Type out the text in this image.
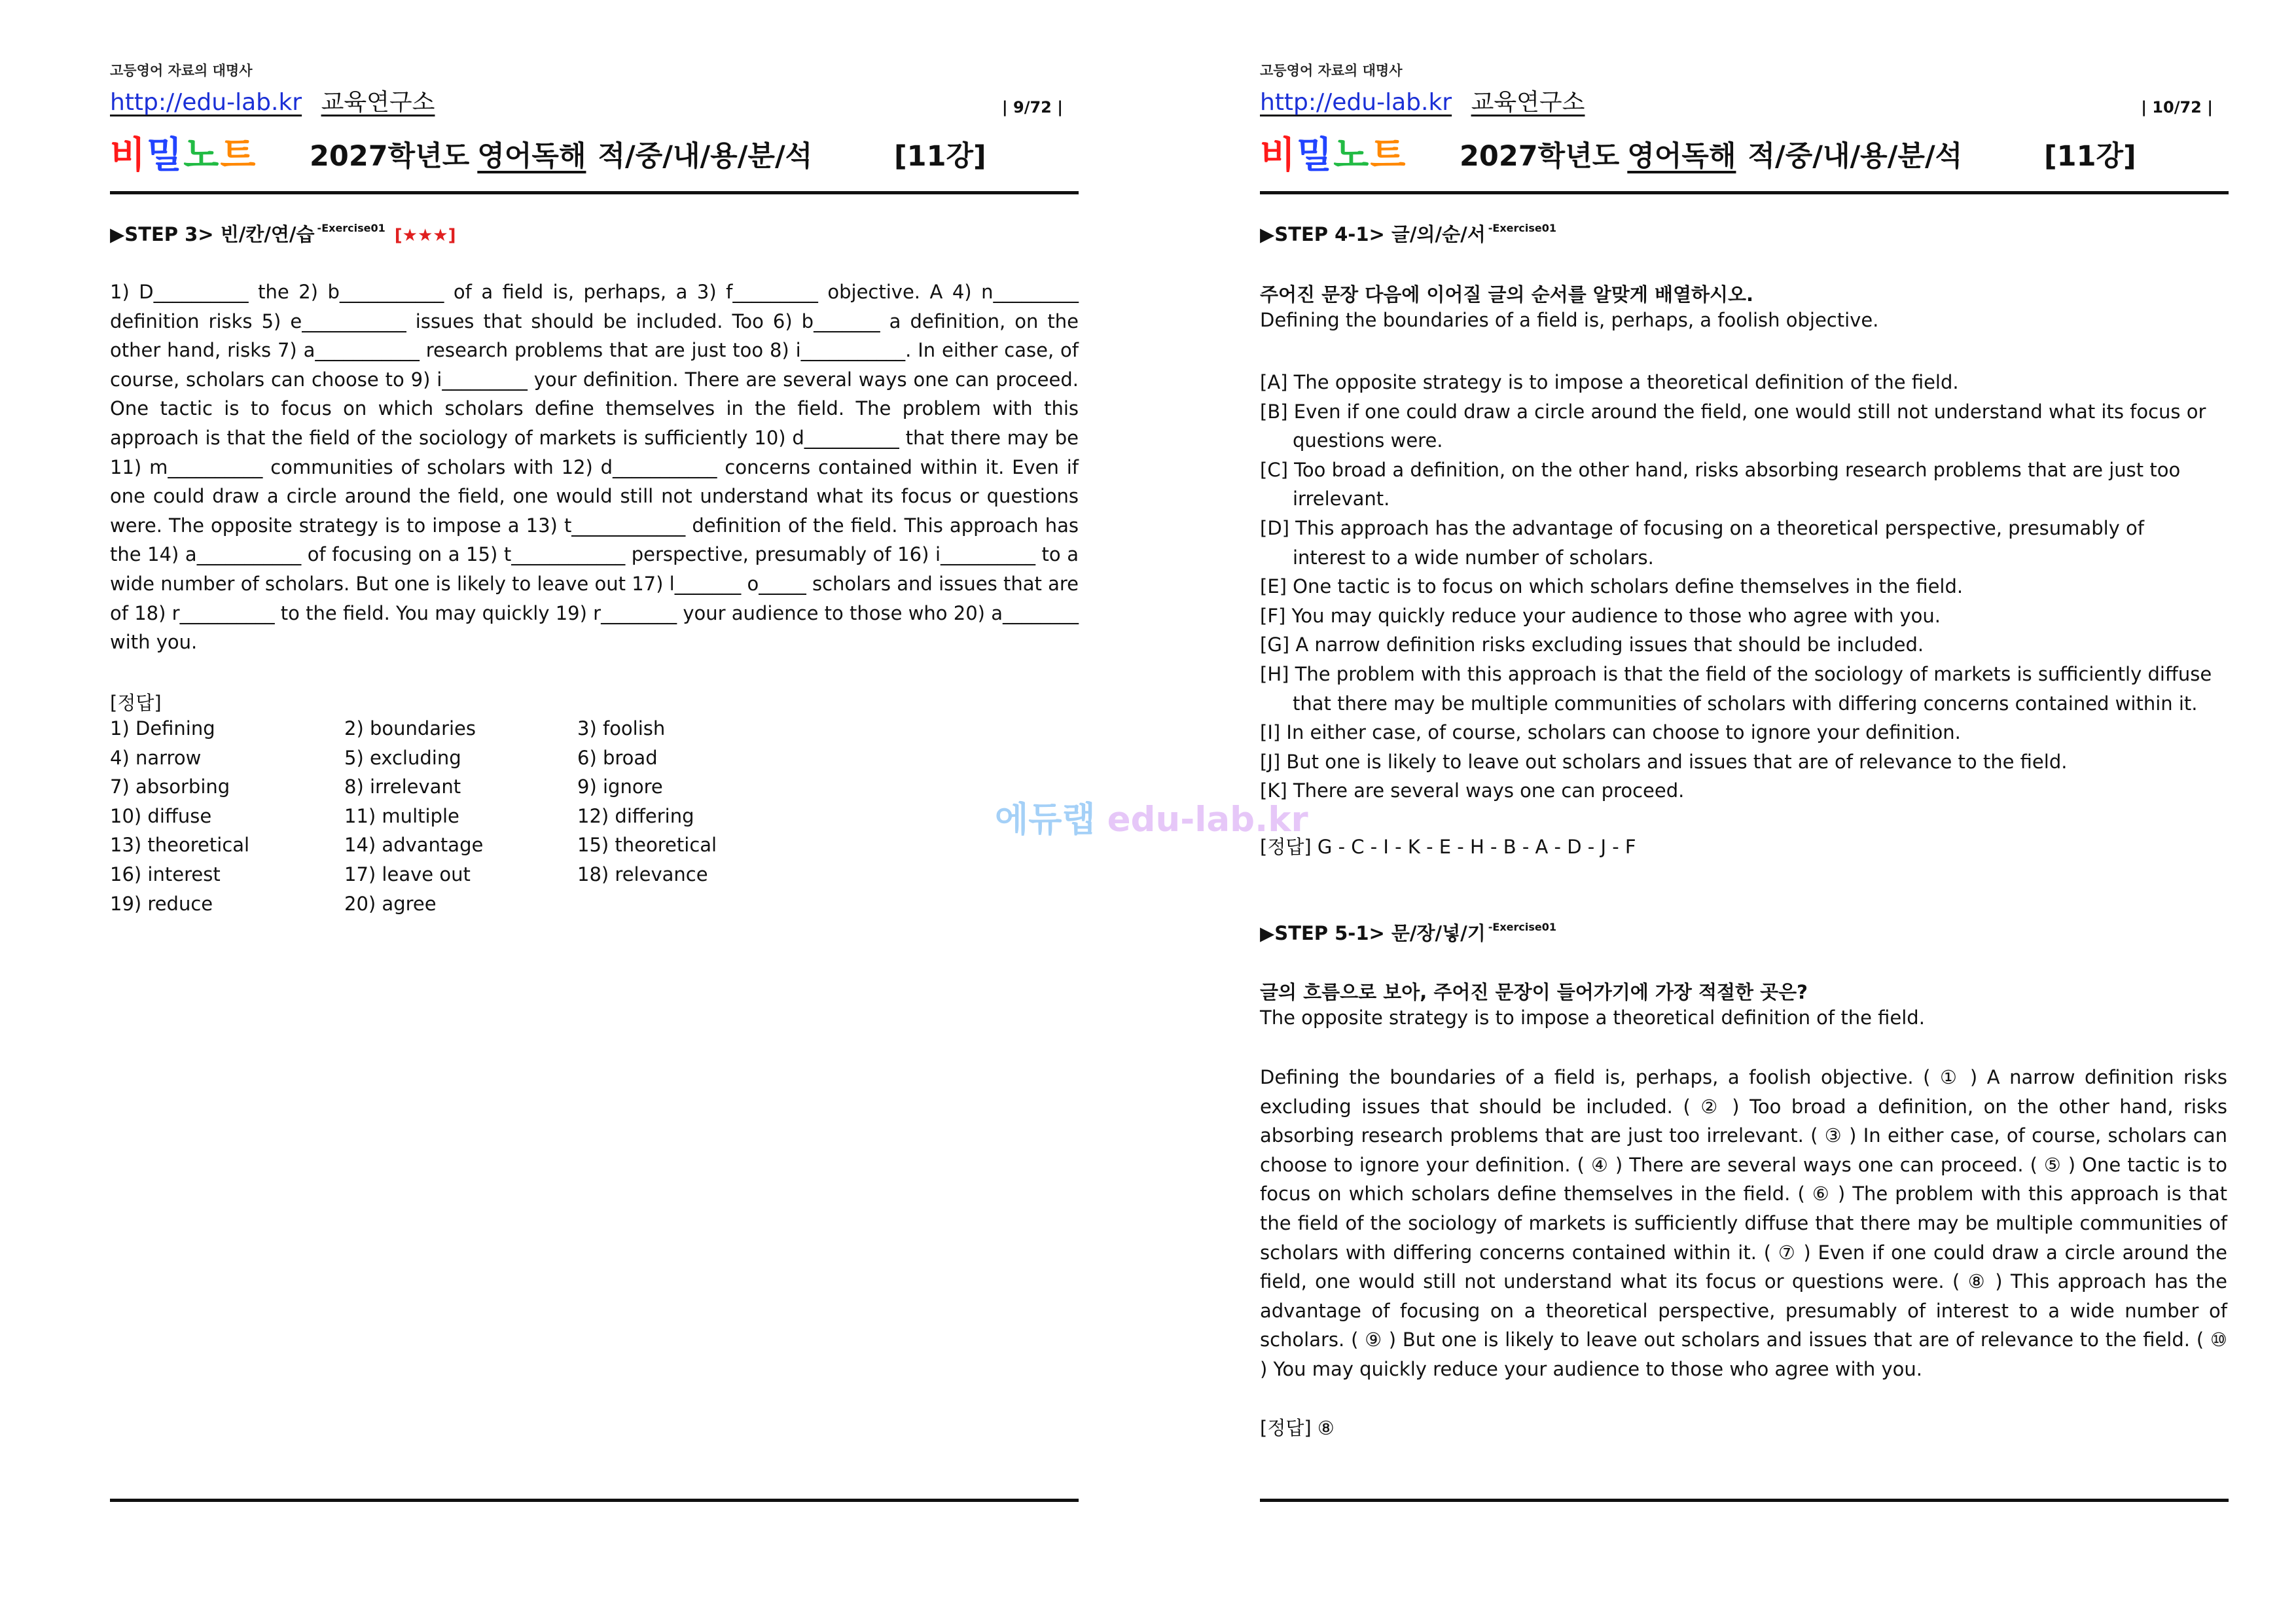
고등영어 자료의 대명사
http://edu-lab.kr 교육연구소	| 9/72 |
비밀노트 2027학년도 영어독해 적/중/내/용/분/석	[11강]
▶STEP 3> 빈/칸/연/습 $^{-Exercise01}$ [★★★]

1) D__________ the 2) b___________ of a field is, perhaps, a 3) f_________ objective. A 4) n_________ definition risks 5) e___________ issues that should be included. Too 6) b_______ a definition, on the other hand, risks 7) a___________ research problems that are just too 8) i___________. In either case, of course, scholars can choose to 9) i_________ your definition. There are several ways one can proceed. One tactic is to focus on which scholars define themselves in the field. The problem with this approach is that the field of the sociology of markets is sufficiently 10) d__________ that there may be 11) m__________ communities of scholars with 12) d___________ concerns contained within it. Even if one could draw a circle around the field, one would still not understand what its focus or questions were. The opposite strategy is to impose a 13) t____________ definition of the field. This approach has the 14) a___________ of focusing on a 15) t____________ perspective, presumably of 16) i__________ to a wide number of scholars. But one is likely to leave out 17) l_______ o_____ scholars and issues that are of 18) r__________ to the field. You may quickly 19) r________ your audience to those who 20) a________ with you.

[정답]
1) Defining	2) boundaries	3) foolish
4) narrow	5) excluding	6) broad
7) absorbing	8) irrelevant	9) ignore
10) diffuse	11) multiple	12) differing
13) theoretical	14) advantage	15) theoretical
16) interest	17) leave out	18) relevance
19) reduce	20) agree
고등영어 자료의 대명사
http://edu-lab.kr 교육연구소	| 10/72 |
비밀노트 2027학년도 영어독해 적/중/내/용/분/석	[11강]
▶STEP 4-1> 글/의/순/서 $^{-Exercise01}$
주어진 문장 다음에 이어질 글의 순서를 알맞게 배열하시오.
Defining the boundaries of a field is, perhaps, a foolish objective.
[A] The opposite strategy is to impose a theoretical definition of the field.
[B] Even if one could draw a circle around the field, one would still not understand what its focus or questions were.
[C] Too broad a definition, on the other hand, risks absorbing research problems that are just too irrelevant.
[D] This approach has the advantage of focusing on a theoretical perspective, presumably of interest to a wide number of scholars.
[E] One tactic is to focus on which scholars define themselves in the field.
[F] You may quickly reduce your audience to those who agree with you.
[G] A narrow definition risks excluding issues that should be included.
[H] The problem with this approach is that the field of the sociology of markets is sufficiently diffuse that there may be multiple communities of scholars with differing concerns contained within it.
[I] In either case, of course, scholars can choose to ignore your definition.
[J] But one is likely to leave out scholars and issues that are of relevance to the field.
[K] There are several ways one can proceed.
[정답] G - C - I - K - E - H - B - A - D - J - F
▶STEP 5-1> 문/장/넣/기 $^{-Exercise01}$
글의 흐름으로 보아, 주어진 문장이 들어가기에 가장 적절한 곳은?
The opposite strategy is to impose a theoretical definition of the field.

Defining the boundaries of a field is, perhaps, a foolish objective. ( ① ) A narrow definition risks excluding issues that should be included. ( ② ) Too broad a definition, on the other hand, risks absorbing research problems that are just too irrelevant. ( ③ ) In either case, of course, scholars can choose to ignore your definition. ( ④ ) There are several ways one can proceed. ( ⑤ ) One tactic is to focus on which scholars define themselves in the field. ( ⑥ ) The problem with this approach is that the field of the sociology of markets is sufficiently diffuse that there may be multiple communities of scholars with differing concerns contained within it. ( ⑦ ) Even if one could draw a circle around the field, one would still not understand what its focus or questions were. ( ⑧ ) This approach has the advantage of focusing on a theoretical perspective, presumably of interest to a wide number of scholars. ( ⑨ ) But one is likely to leave out scholars and issues that are of relevance to the field. ( ⑩ ) You may quickly reduce your audience to those who agree with you.

[정답] ⑧
에듀랩 edu-lab.kr
